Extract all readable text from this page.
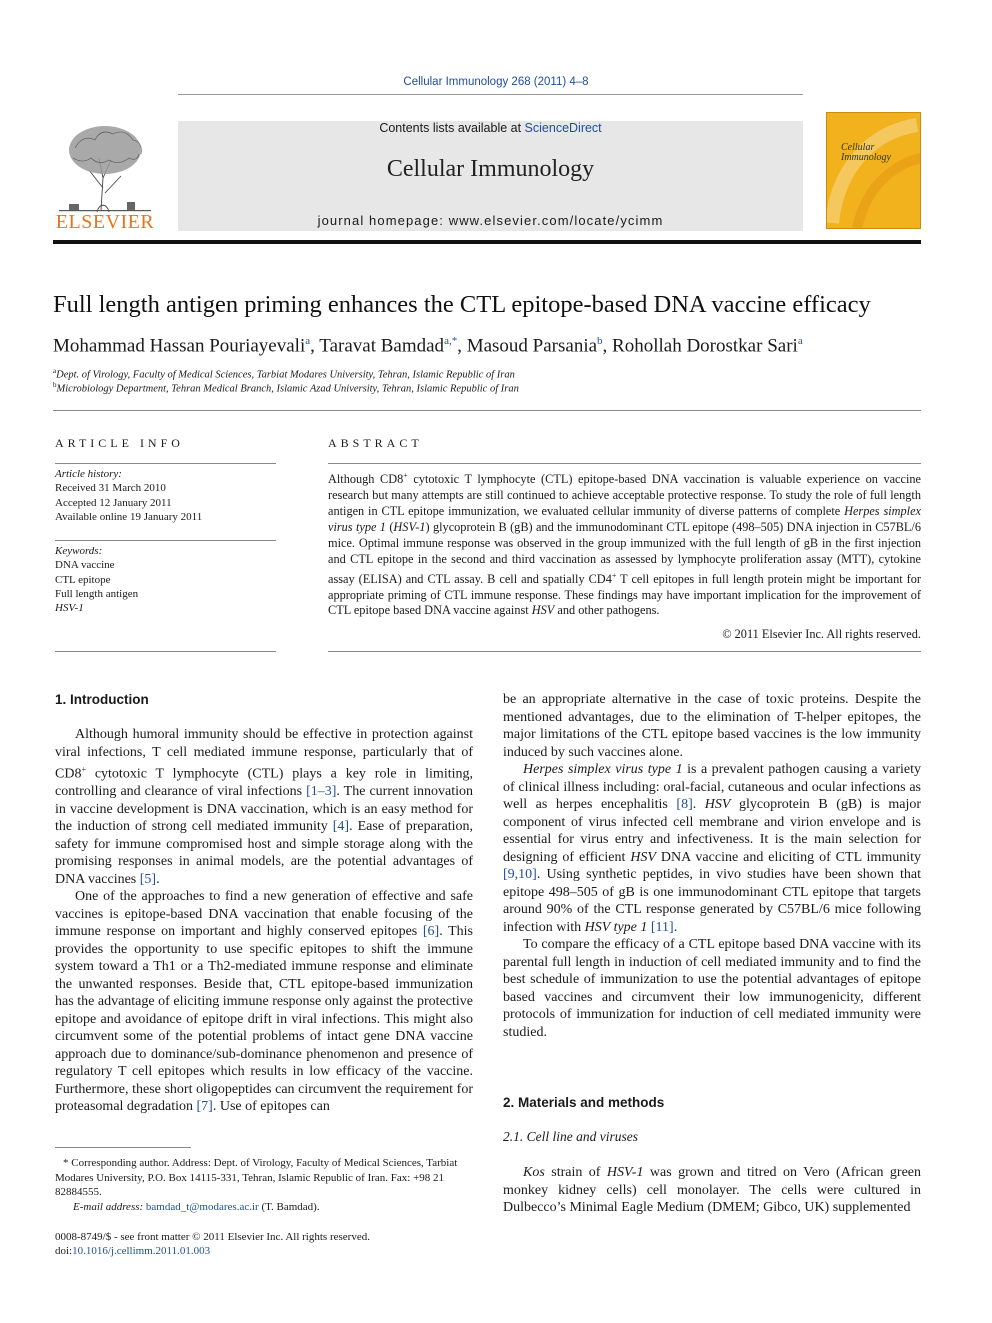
Cellular Immunology 268 (2011) 4–8
ELSEVIER
Contents lists available at ScienceDirect
Cellular Immunology
journal homepage: www.elsevier.com/locate/ycimm
Cellular
Immunology
Full length antigen priming enhances the CTL epitope-based DNA vaccine efficacy
Mohammad Hassan Pouriayevali$^a$, Taravat Bamdad$^{a,*}$, Masoud Parsania$^b$, Rohollah Dorostkar Sari$^a$
$^a$Dept. of Virology, Faculty of Medical Sciences, Tarbiat Modares University, Tehran, Islamic Republic of Iran
$^b$Microbiology Department, Tehran Medical Branch, Islamic Azad University, Tehran, Islamic Republic of Iran
ARTICLE INFO
Article history:
Received 31 March 2010
Accepted 12 January 2011
Available online 19 January 2011
Keywords:
DNA vaccine
CTL epitope
Full length antigen
HSV-1
ABSTRACT
Although CD8+ cytotoxic T lymphocyte (CTL) epitope-based DNA vaccination is valuable experience on vaccine research but many attempts are still continued to achieve acceptable protective response. To study the role of full length antigen in CTL epitope immunization, we evaluated cellular immunity of diverse patterns of complete Herpes simplex virus type 1 (HSV-1) glycoprotein B (gB) and the immunodominant CTL epitope (498–505) DNA injection in C57BL/6 mice. Optimal immune response was observed in the group immunized with the full length of gB in the first injection and CTL epitope in the second and third vaccination as assessed by lymphocyte proliferation assay (MTT), cytokine assay (ELISA) and CTL assay. B cell and spatially CD4+ T cell epitopes in full length protein might be important for appropriate priming of CTL immune response. These findings may have important implication for the improvement of CTL epitope based DNA vaccine against HSV and other pathogens.
© 2011 Elsevier Inc. All rights reserved.
1. Introduction

Although humoral immunity should be effective in protection against viral infections, T cell mediated immune response, particularly that of CD8+ cytotoxic T lymphocyte (CTL) plays a key role in limiting, controlling and clearance of viral infections [1–3]. The current innovation in vaccine development is DNA vaccination, which is an easy method for the induction of strong cell mediated immunity [4]. Ease of preparation, safety for immune compromised host and simple storage along with the promising responses in animal models, are the potential advantages of DNA vaccines [5].

One of the approaches to find a new generation of effective and safe vaccines is epitope-based DNA vaccination that enable focusing of the immune response on important and highly conserved epitopes [6]. This provides the opportunity to use specific epitopes to shift the immune system toward a Th1 or a Th2-mediated immune response and eliminate the unwanted responses. Beside that, CTL epitope-based immunization has the advantage of eliciting immune response only against the protective epitope and avoidance of epitope drift in viral infections. This might also circumvent some of the potential problems of intact gene DNA vaccine approach due to dominance/sub-dominance phenomenon and presence of regulatory T cell epitopes which results in low efficacy of the vaccine. Furthermore, these short oligopeptides can circumvent the requirement for proteasomal degradation [7]. Use of epitopes can

* Corresponding author. Address: Dept. of Virology, Faculty of Medical Sciences, Tarbiat Modares University, P.O. Box 14115-331, Tehran, Islamic Republic of Iran. Fax: +98 21 82884555.
E-mail address: bamdad_t@modares.ac.ir (T. Bamdad).
0008-8749/$ - see front matter © 2011 Elsevier Inc. All rights reserved.
doi:10.1016/j.cellimm.2011.01.003

be an appropriate alternative in the case of toxic proteins. Despite the mentioned advantages, due to the elimination of T-helper epitopes, the major limitations of the CTL epitope based vaccines is the low immunity induced by such vaccines alone.

Herpes simplex virus type 1 is a prevalent pathogen causing a variety of clinical illness including: oral-facial, cutaneous and ocular infections as well as herpes encephalitis [8]. HSV glycoprotein B (gB) is major component of virus infected cell membrane and virion envelope and is essential for virus entry and infectiveness. It is the main selection for designing of efficient HSV DNA vaccine and eliciting of CTL immunity [9,10]. Using synthetic peptides, in vivo studies have been shown that epitope 498–505 of gB is one immunodominant CTL epitope that targets around 90% of the CTL response generated by C57BL/6 mice following infection with HSV type 1 [11].

To compare the efficacy of a CTL epitope based DNA vaccine with its parental full length in induction of cell mediated immunity and to find the best schedule of immunization to use the potential advantages of epitope based vaccines and circumvent their low immunogenicity, different protocols of immunization for induction of cell mediated immunity were studied.

2. Materials and methods
2.1. Cell line and viruses

Kos strain of HSV-1 was grown and titred on Vero (African green monkey kidney cells) cell monolayer. The cells were cultured in Dulbecco’s Minimal Eagle Medium (DMEM; Gibco, UK) supplemented
